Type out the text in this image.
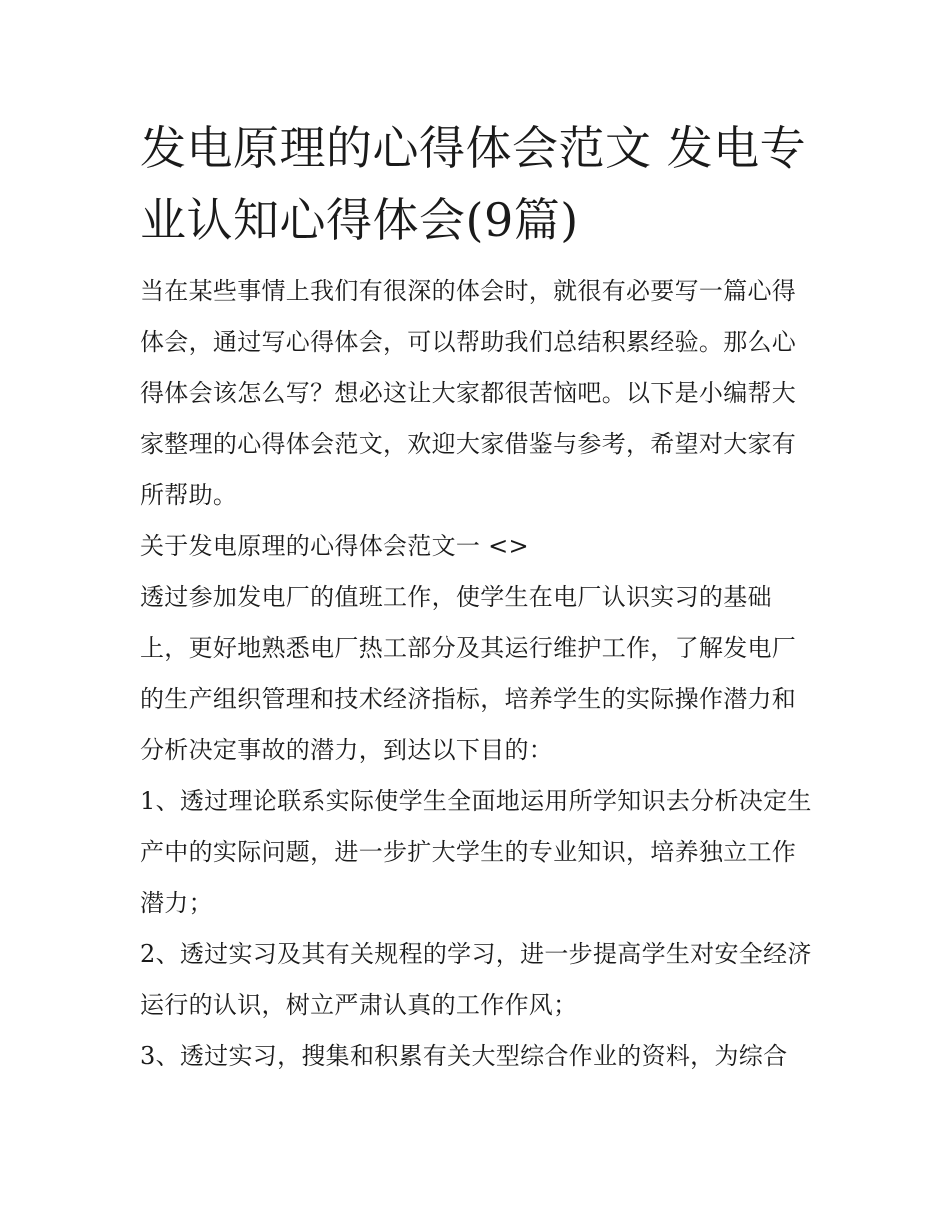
发电原理的心得体会范文 发电专业认知心得体会(9篇)

当在某些事情上我们有很深的体会时，就很有必要写一篇心得体会，通过写心得体会，可以帮助我们总结积累经验。那么心得体会该怎么写？想必这让大家都很苦恼吧。以下是小编帮大家整理的心得体会范文，欢迎大家借鉴与参考，希望对大家有所帮助。

关于发电原理的心得体会范文一 <>

透过参加发电厂的值班工作，使学生在电厂认识实习的基础上，更好地熟悉电厂热工部分及其运行维护工作，了解发电厂的生产组织管理和技术经济指标，培养学生的实际操作潜力和分析决定事故的潜力，到达以下目的：

1、透过理论联系实际使学生全面地运用所学知识去分析决定生产中的实际问题，进一步扩大学生的专业知识，培养独立工作潜力；

2、透过实习及其有关规程的学习，进一步提高学生对安全经济运行的认识，树立严肃认真的工作作风；

3、透过实习，搜集和积累有关大型综合作业的资料，为综合
